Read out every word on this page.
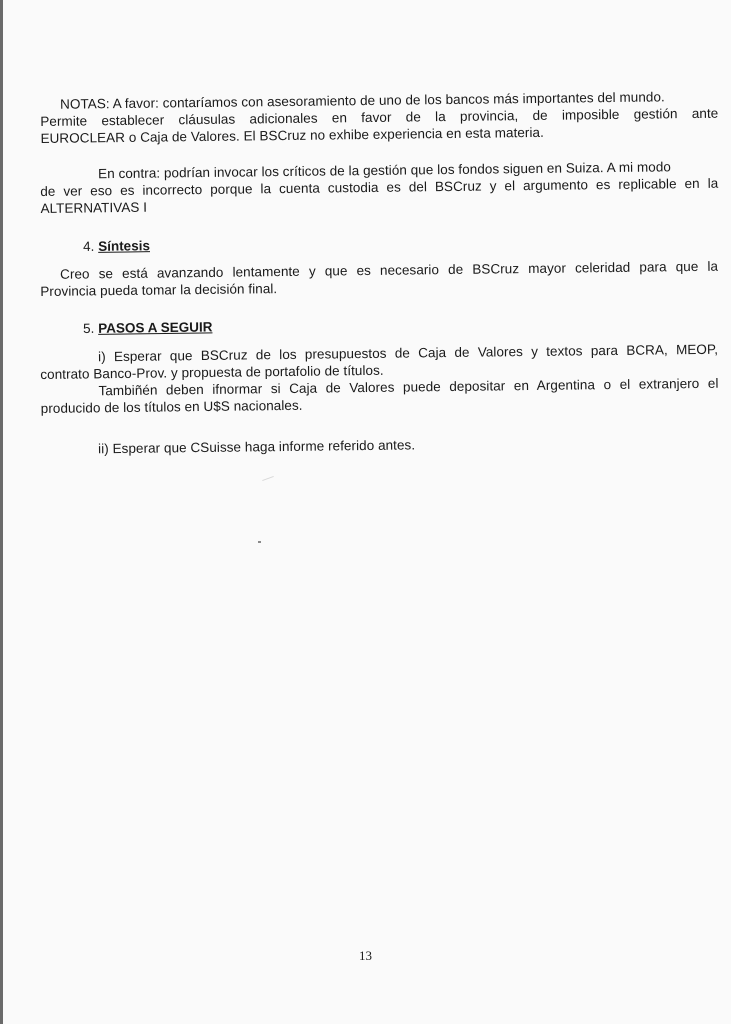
NOTAS: A favor: contaríamos con asesoramiento de uno de los bancos más importantes del mundo.
Permite establecer cláusulas adicionales en favor de la provincia, de imposible gestión ante
EUROCLEAR o Caja de Valores. El BSCruz no exhibe experiencia en esta materia.
En contra: podrían invocar los críticos de la gestión que los fondos siguen en Suiza. A mi modo
de ver eso es incorrecto porque la cuenta custodia es del BSCruz y el argumento es replicable en la
ALTERNATIVAS I
4. Síntesis
Creo se está avanzando lentamente y que es necesario de BSCruz mayor celeridad para que la
Provincia pueda tomar la decisión final.
5. PASOS A SEGUIR
i) Esperar que BSCruz de los presupuestos de Caja de Valores y textos para BCRA, MEOP,
contrato Banco-Prov. y propuesta de portafolio de títulos.
Tambiñén deben ifnormar si Caja de Valores puede depositar en Argentina o el extranjero el
producido de los títulos en U$S nacionales.
ii) Esperar que CSuisse haga informe referido antes.
13
